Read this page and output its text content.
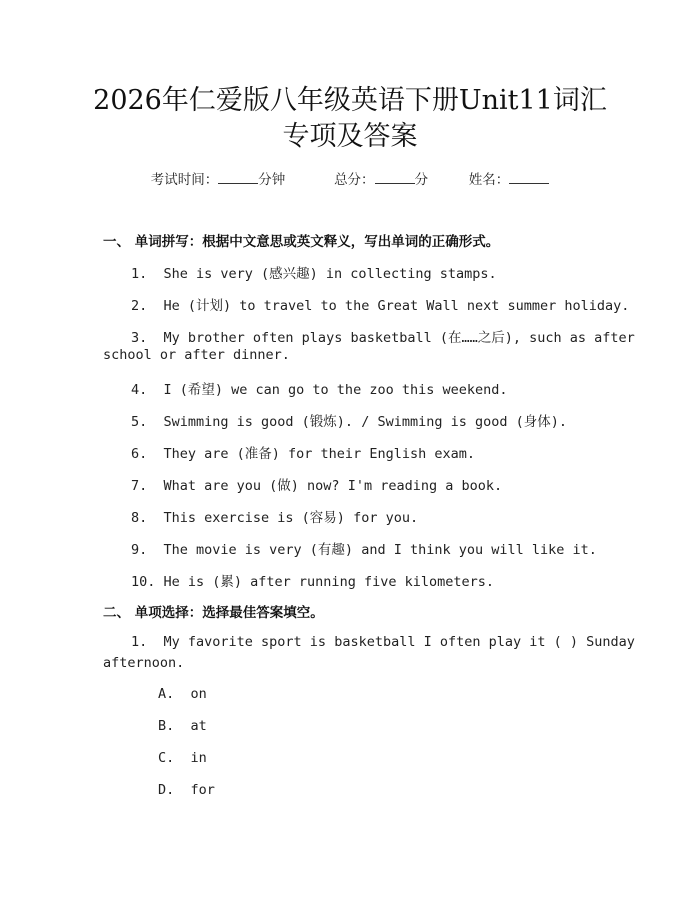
2026年仁爱版八年级英语下册Unit11词汇
专项及答案
考试时间：	分钟	总分：	分	姓名：
一、 单词拼写：根据中文意思或英文释义，写出单词的正确形式。
1.  She is very (感兴趣) in collecting stamps.
2.  He (计划) to travel to the Great Wall next summer holiday.
3.  My brother often plays basketball (在……之后), such as after
school or after dinner.
4.  I (希望) we can go to the zoo this weekend.
5.  Swimming is good (锻炼). / Swimming is good (身体).
6.  They are (准备) for their English exam.
7.  What are you (做) now? I'm reading a book.
8.  This exercise is (容易) for you.
9.  The movie is very (有趣) and I think you will like it.
10. He is (累) after running five kilometers.
二、 单项选择：选择最佳答案填空。
1.  My favorite sport is basketball I often play it ( ) Sunday
afternoon.
A.  on
B.  at
C.  in
D.  for
